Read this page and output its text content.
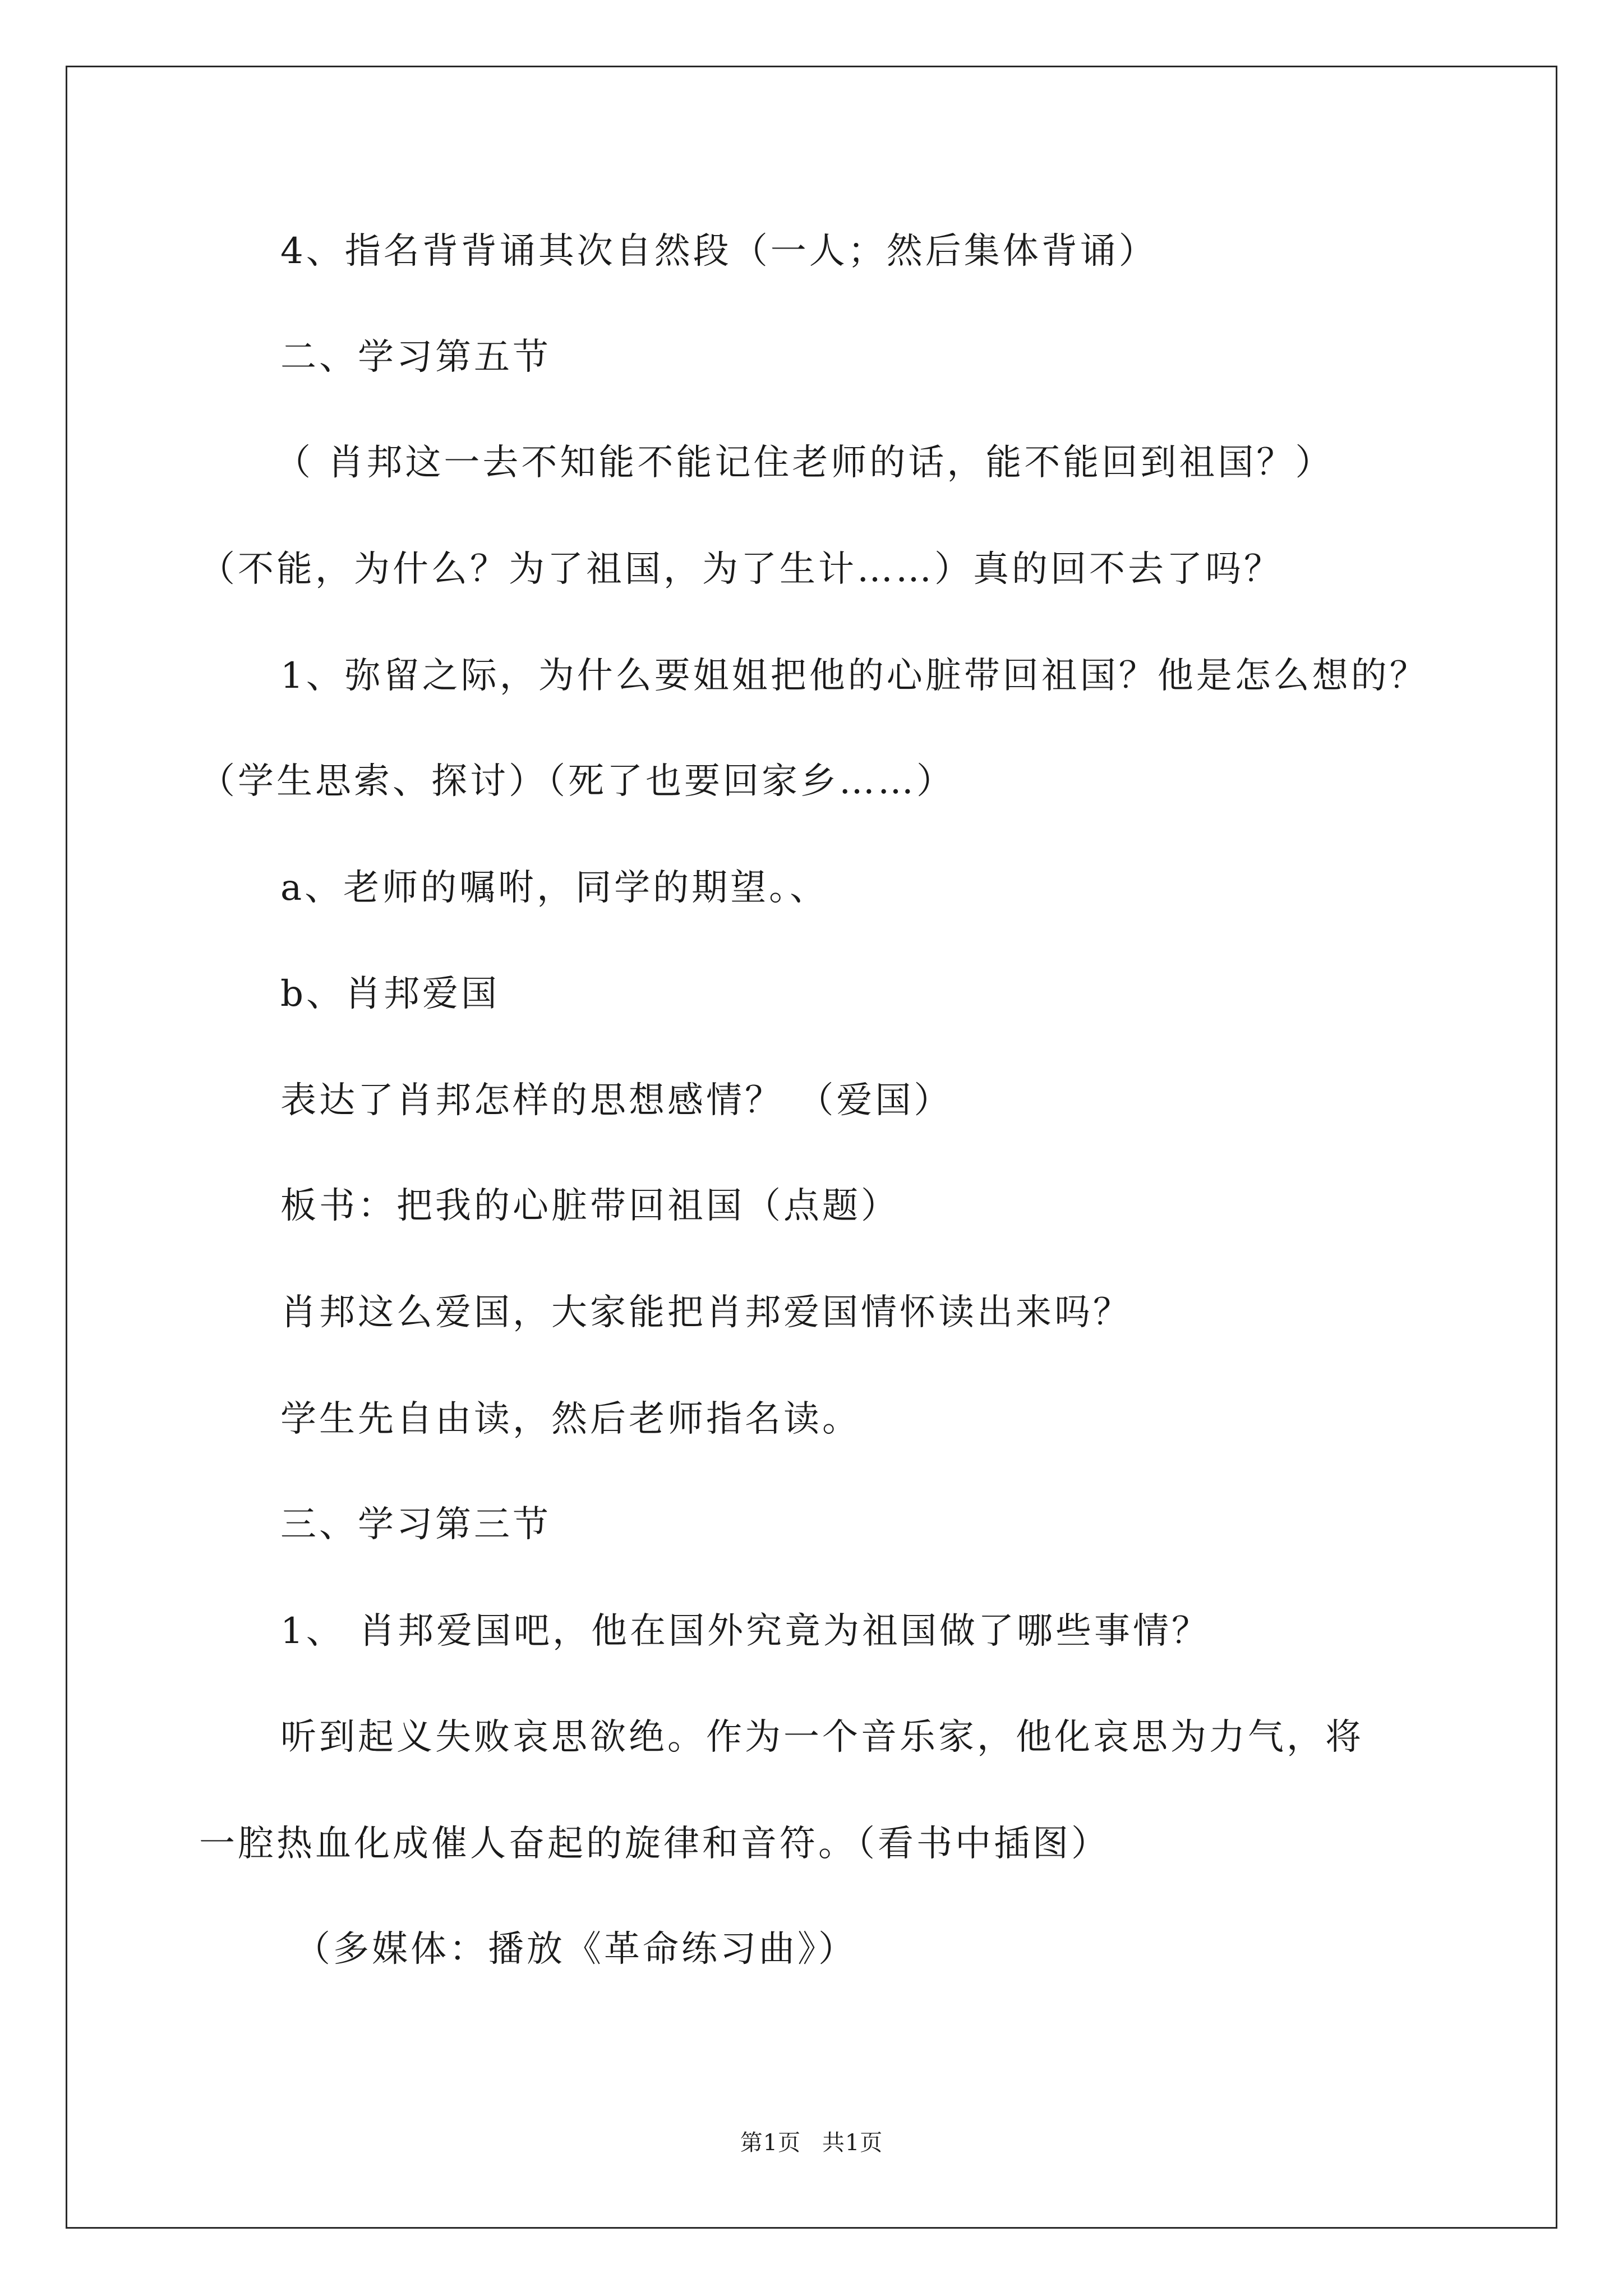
4、指名背背诵其次自然段（一人；然后集体背诵）
二、学习第五节
（ 肖邦这一去不知能不能记住老师的话，能不能回到祖国？）
（不能，为什么？为了祖国，为了生计……）真的回不去了吗？
1、弥留之际，为什么要姐姐把他的心脏带回祖国？他是怎么想的？
（学生思索、探讨）（死了也要回家乡……）
a、老师的嘱咐，同学的期望。、
b、肖邦爱国
表达了肖邦怎样的思想感情？ （爱国）
板书：把我的心脏带回祖国（点题）
肖邦这么爱国，大家能把肖邦爱国情怀读出来吗？
学生先自由读，然后老师指名读。
三、学习第三节
1、 肖邦爱国吧，他在国外究竟为祖国做了哪些事情？
听到起义失败哀思欲绝。作为一个音乐家，他化哀思为力气，将
一腔热血化成催人奋起的旋律和音符。（看书中插图）
（多媒体：播放《革命练习曲》）
第1页 共1页
